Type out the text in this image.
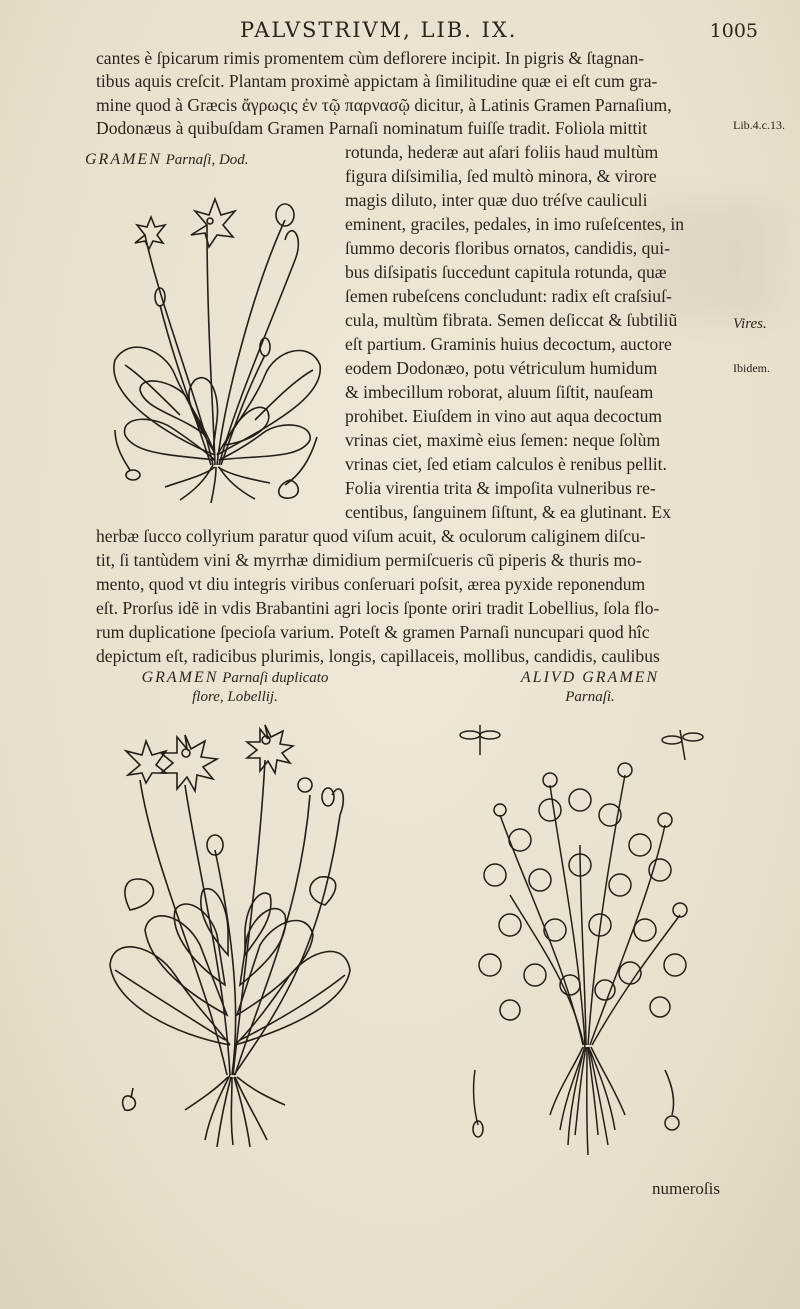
PALVSTRIVM, LIB. IX.	1005
cantes è ſpicarum rimis promentem cùm deflorere incipit. In pigris & ſtagnan-
tibus aquis creſcit. Plantam proximè appictam à ſimilitudine quæ ei eſt cum gra-
mine quod à Græcis ἄγρωςις ἐν τῷ παρνασῷ dicitur, à Latinis Gramen Parnaſium,
Dodonæus à quibuſdam Gramen Parnaſi nominatum fuiſſe tradit. Foliola mittit
rotunda, hederæ aut aſari foliis haud multùm
figura diſsimilia, ſed multò minora, & virore
magis diluto, inter quæ duo tréſve cauliculi
eminent, graciles, pedales, in imo ruſeſcentes, in
ſummo decoris floribus ornatos, candidis, qui-
bus diſsipatis ſuccedunt capitula rotunda, quæ
ſemen rubeſcens concludunt: radix eſt craſsiuſ-
cula, multùm fibrata. Semen deſiccat & ſubtiliũ
eſt partium. Graminis huius decoctum, auctore
eodem Dodonæo, potu vétriculum humidum
& imbecillum roborat, aluum ſiſtit, nauſeam
prohibet. Eiuſdem in vino aut aqua decoctum
vrinas ciet, maximè eius ſemen: neque ſolùm
vrinas ciet, ſed etiam calculos è renibus pellit.
Folia virentia trita & impoſita vulneribus re-
centibus, ſanguinem ſiſtunt, & ea glutinant. Ex
herbæ ſucco collyrium paratur quod viſum acuit, & oculorum caliginem diſcu-
tit, ſi tantùdem vini & myrrhæ dimidium permiſcueris cũ piperis & thuris mo-
mento, quod vt diu integris viribus conſeruari poſsit, ærea pyxide reponendum
eſt. Prorſus idẽ in vdis Brabantini agri locis ſponte oriri tradit Lobellius, ſola flo-
rum duplicatione ſpecioſa varium. Poteſt & gramen Parnaſi nuncupari quod hîc
depictum eſt, radicibus plurimis, longis, capillaceis, mollibus, candidis, caulibus
Lib.4.c.13.
Vires.
Ibidem.
GRAMEN Parnaſi, Dod.
GRAMEN Parnaſi duplicato
flore, Lobellij.
ALIVD GRAMEN
Parnaſi.
numeroſis
